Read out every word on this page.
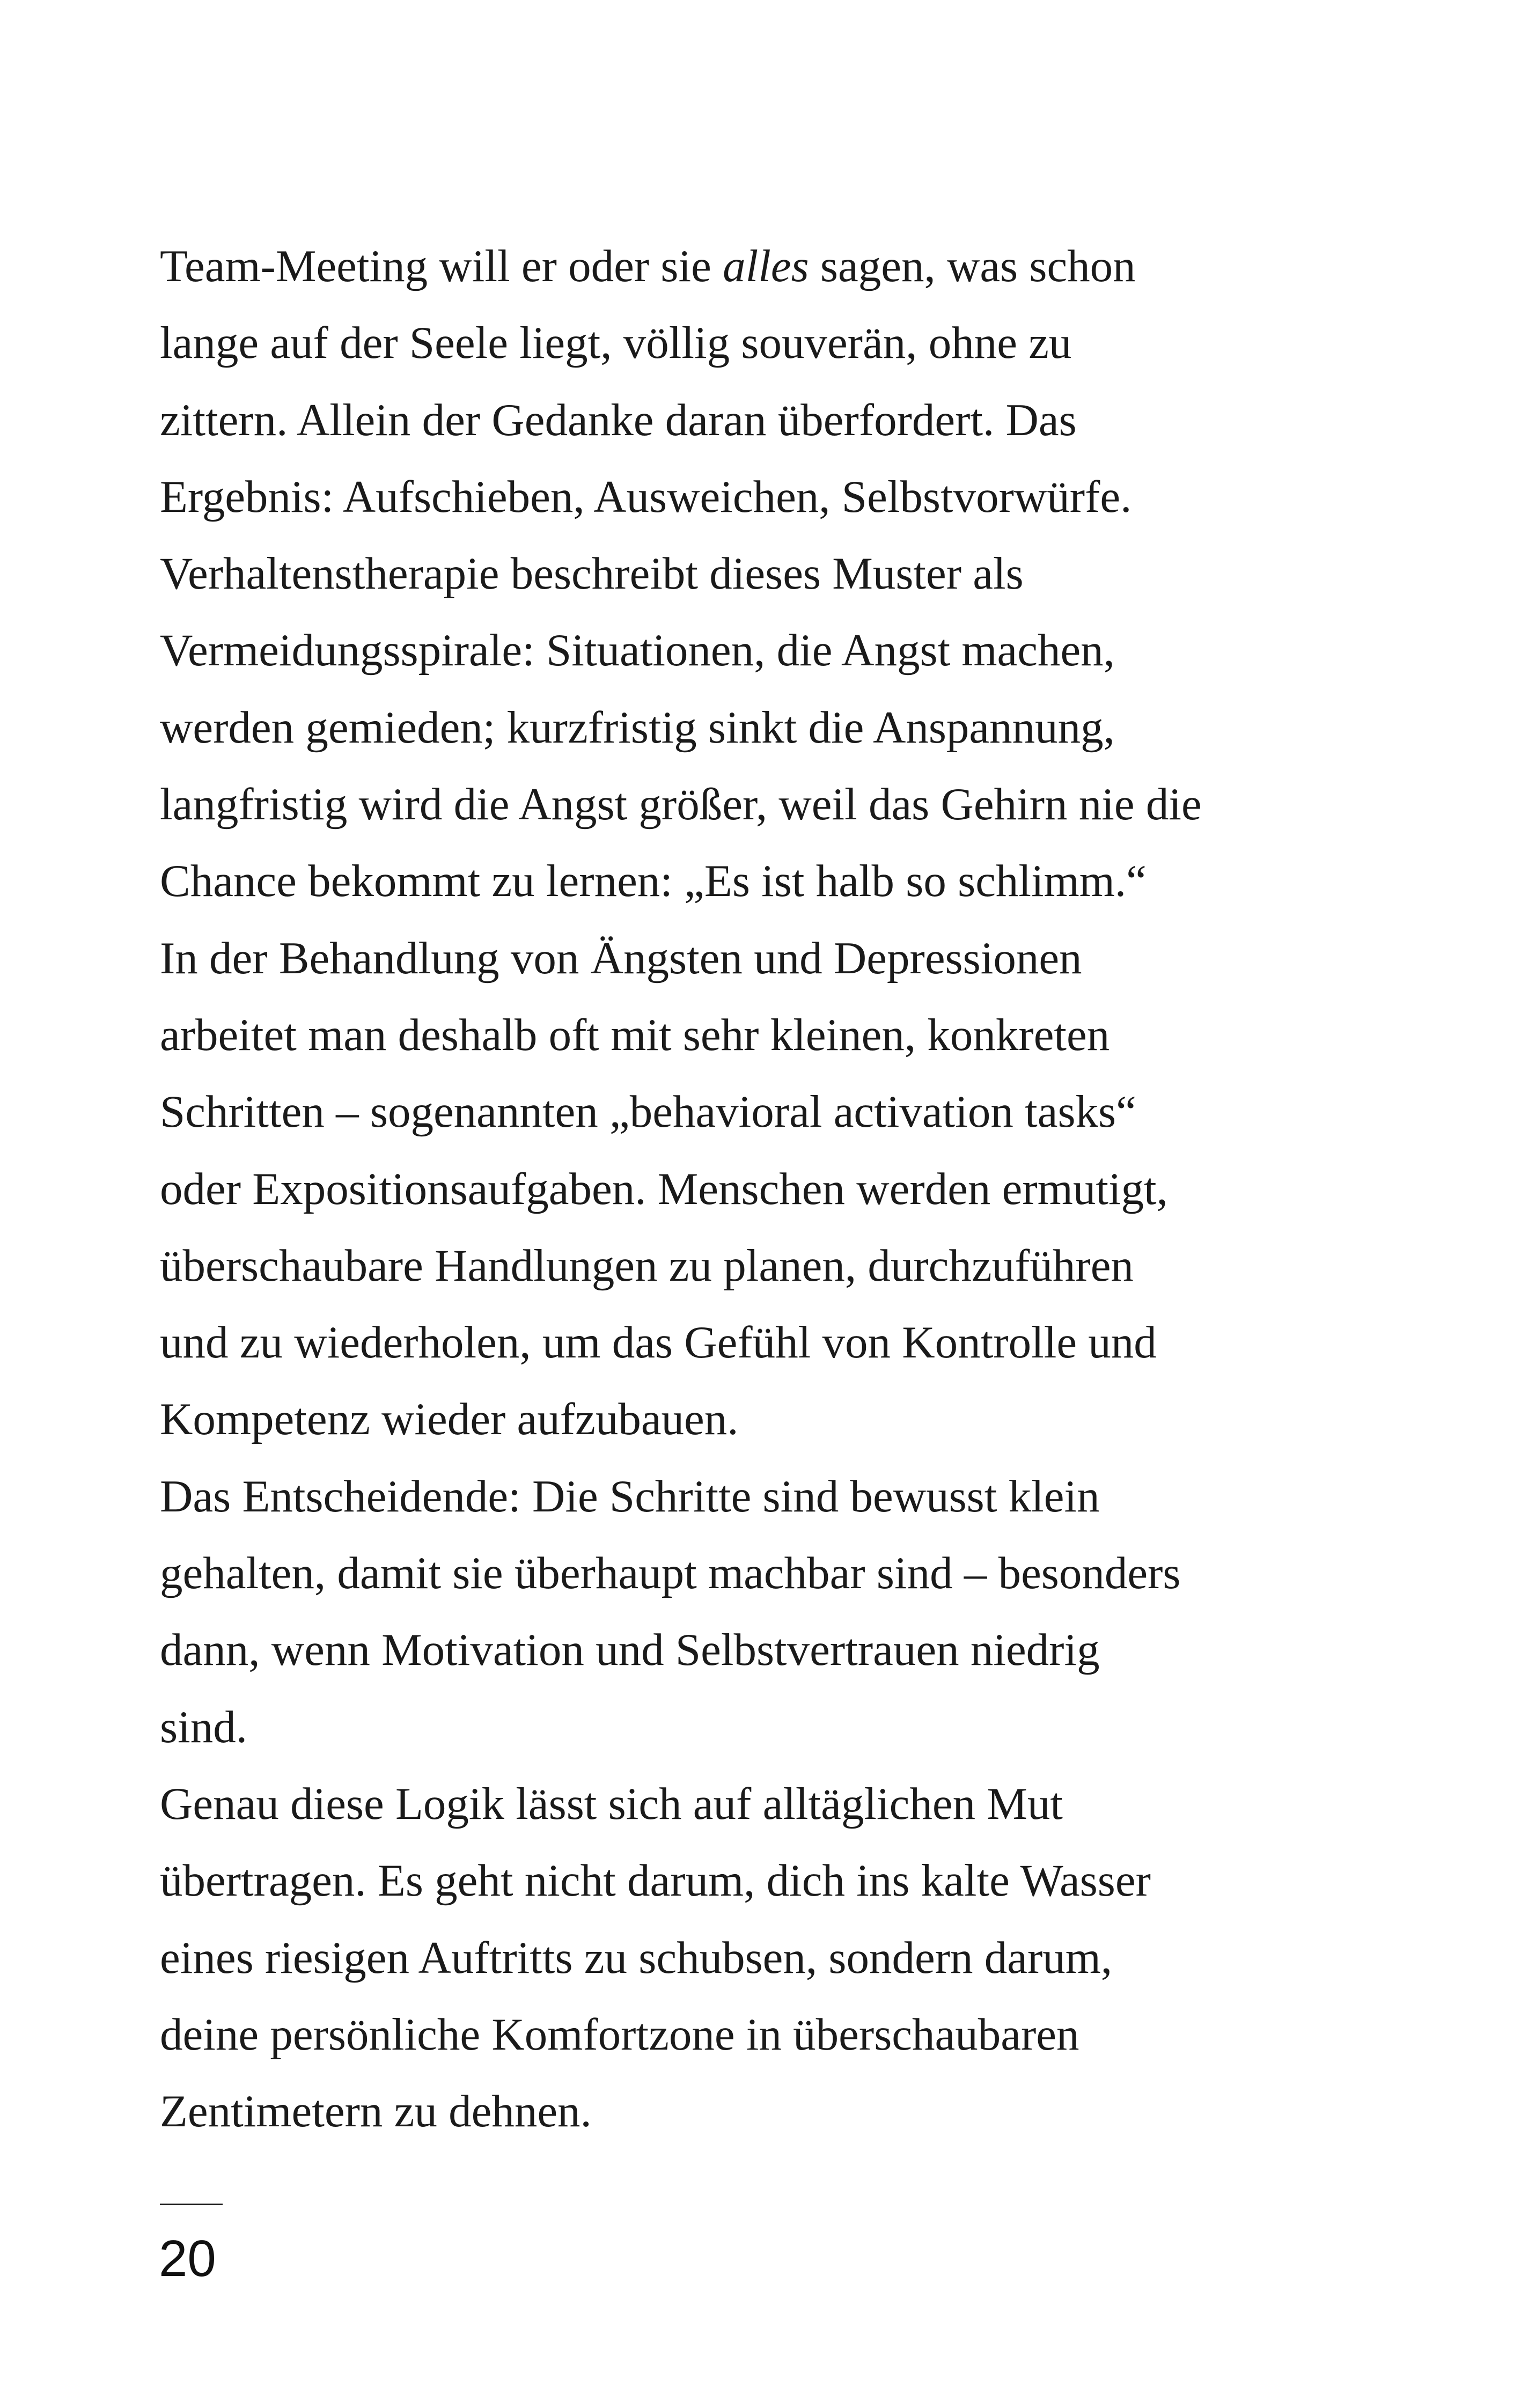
Team-Meeting will er oder sie alles sagen, was schon
lange auf der Seele liegt, völlig souverän, ohne zu
zittern. Allein der Gedanke daran überfordert. Das
Ergebnis: Aufschieben, Ausweichen, Selbstvorwürfe.
Verhaltenstherapie beschreibt dieses Muster als
Vermeidungsspirale: Situationen, die Angst machen,
werden gemieden; kurzfristig sinkt die Anspannung,
langfristig wird die Angst größer, weil das Gehirn nie die
Chance bekommt zu lernen: „Es ist halb so schlimm.“
In der Behandlung von Ängsten und Depressionen
arbeitet man deshalb oft mit sehr kleinen, konkreten
Schritten – sogenannten „behavioral activation tasks“
oder Expositionsaufgaben. Menschen werden ermutigt,
überschaubare Handlungen zu planen, durchzuführen
und zu wiederholen, um das Gefühl von Kontrolle und
Kompetenz wieder aufzubauen.
Das Entscheidende: Die Schritte sind bewusst klein
gehalten, damit sie überhaupt machbar sind – besonders
dann, wenn Motivation und Selbstvertrauen niedrig
sind.
Genau diese Logik lässt sich auf alltäglichen Mut
übertragen. Es geht nicht darum, dich ins kalte Wasser
eines riesigen Auftritts zu schubsen, sondern darum,
deine persönliche Komfortzone in überschaubaren
Zentimetern zu dehnen.

20
